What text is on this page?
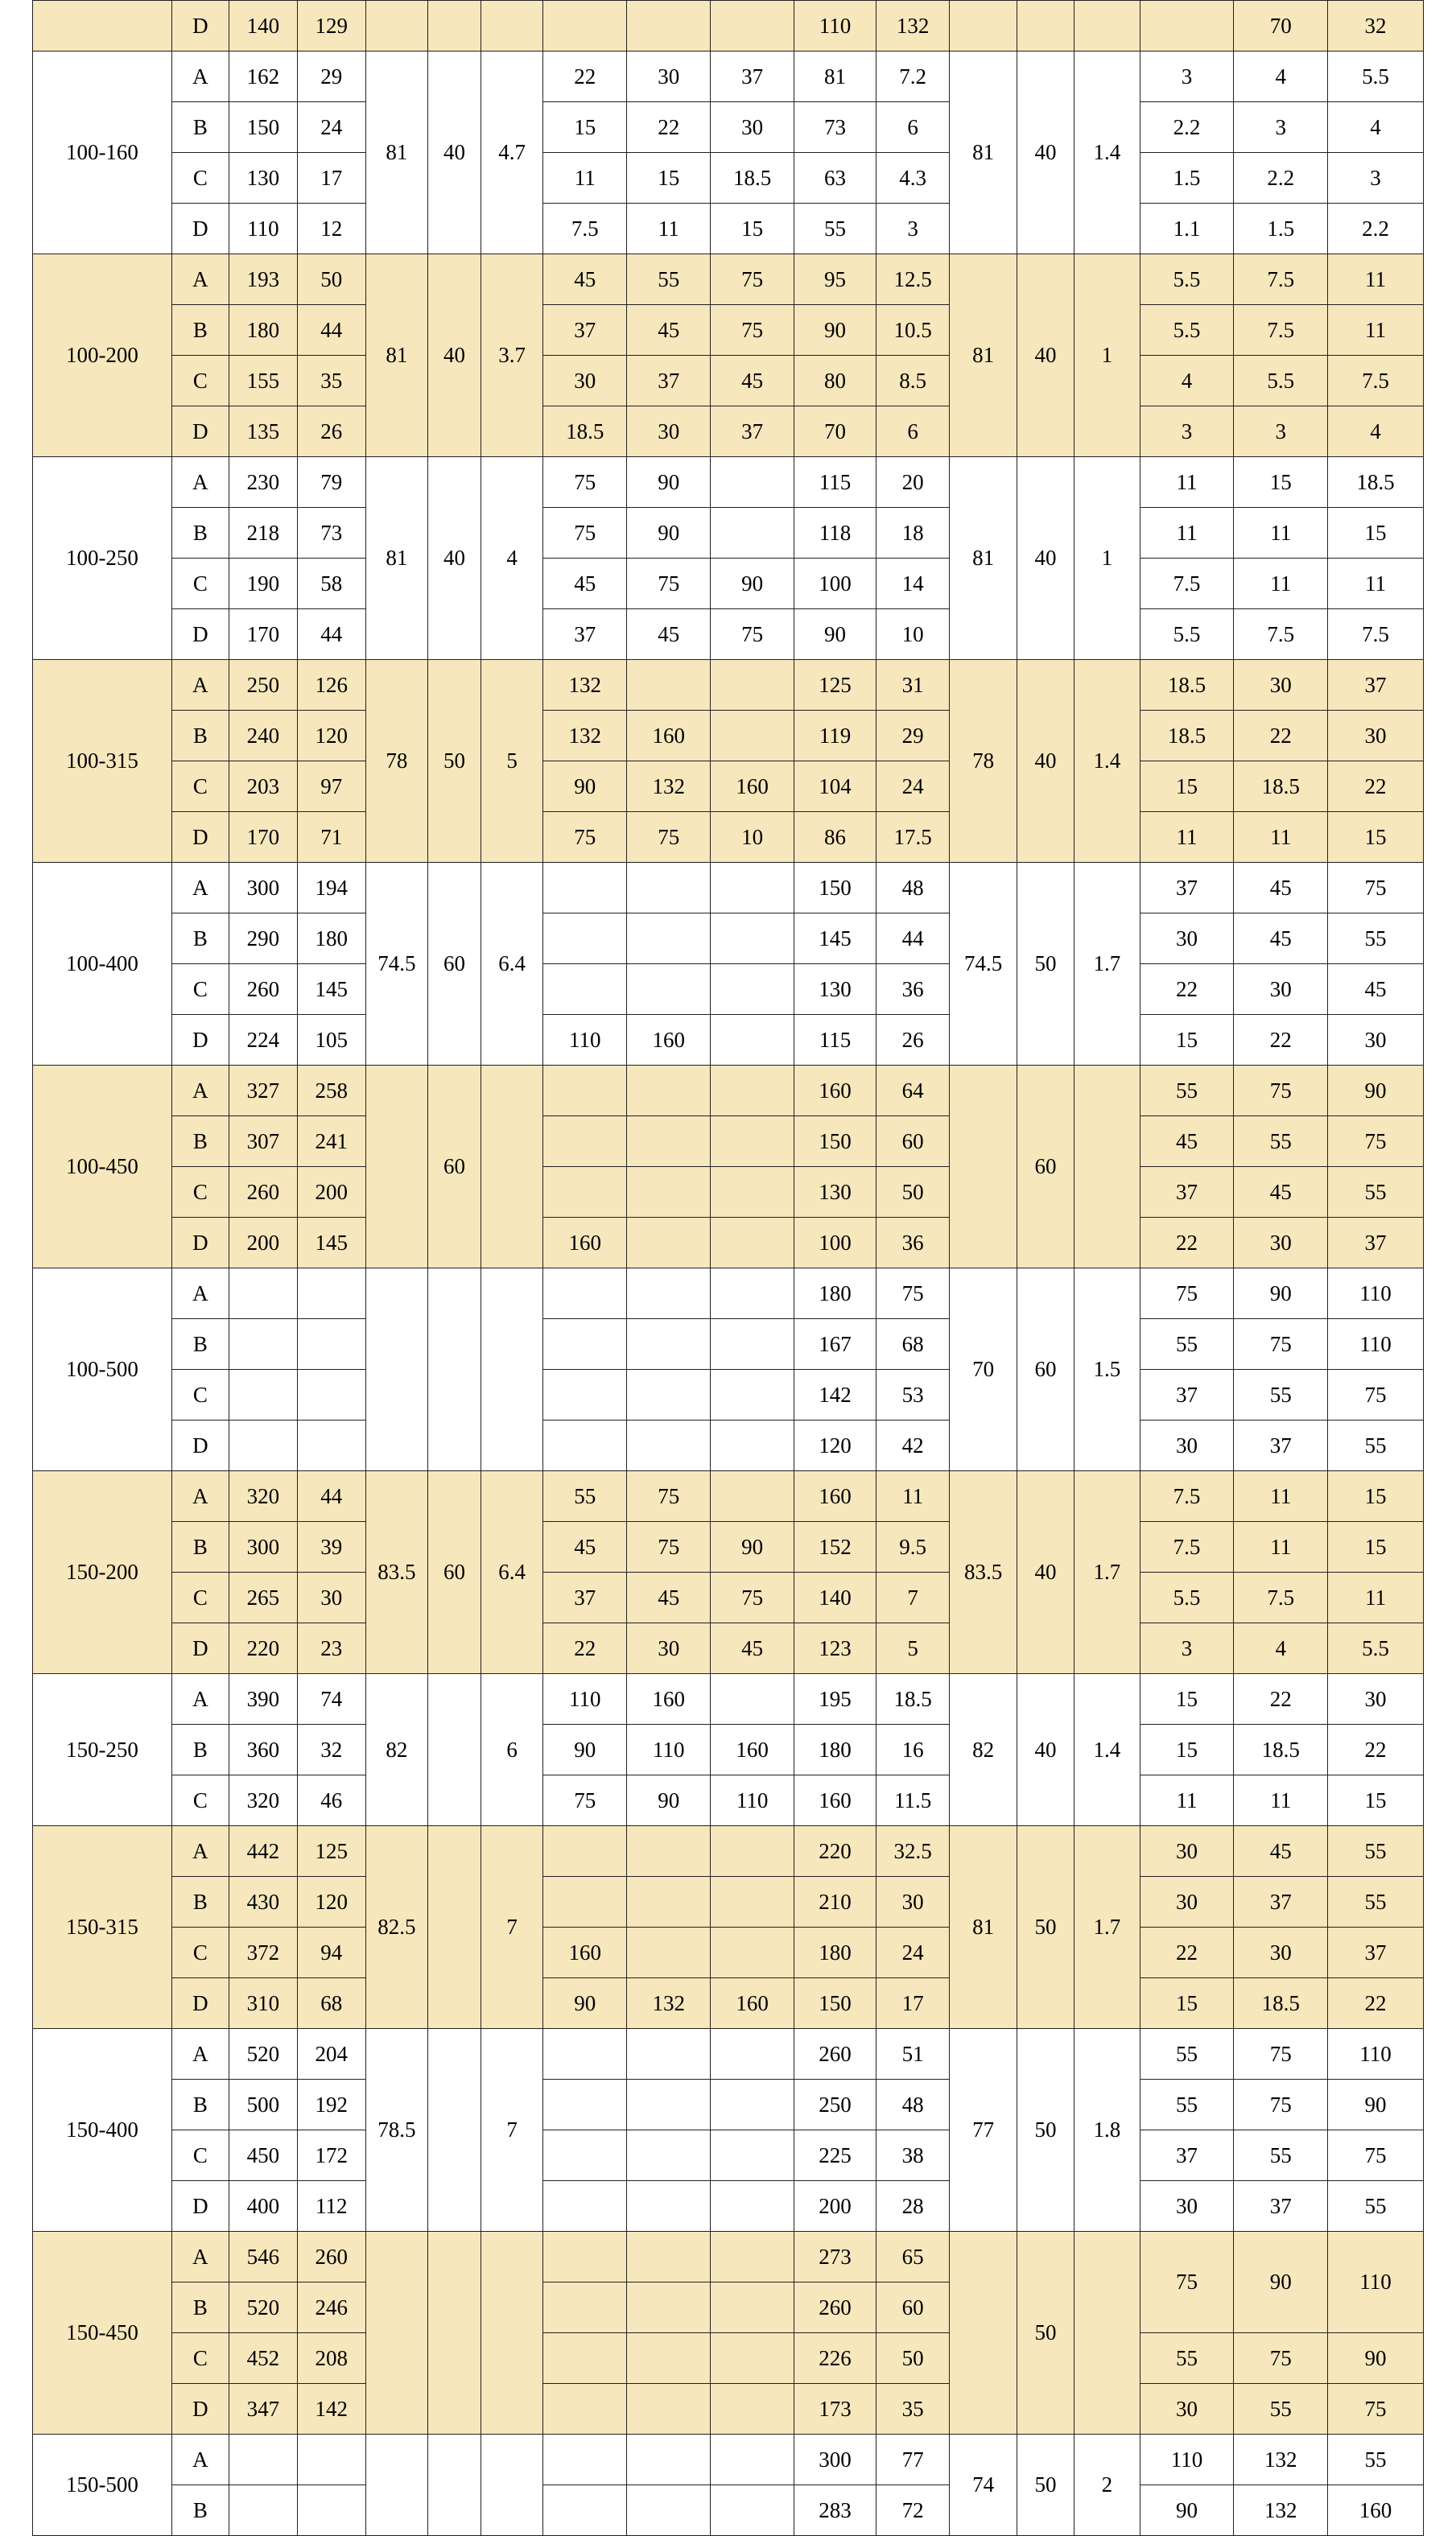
	D	140	129							110	132					70	32
100-160	A	162	29	81	40	4.7	22	30	37	81	7.2	81	40	1.4	3	4	5.5
	B	150	24				15	22	30	73	6				2.2	3	4
	C	130	17				11	15	18.5	63	4.3				1.5	2.2	3
	D	110	12				7.5	11	15	55	3				1.1	1.5	2.2
100-200	A	193	50	81	40	3.7	45	55	75	95	12.5	81	40	1	5.5	7.5	11
	B	180	44				37	45	75	90	10.5				5.5	7.5	11
	C	155	35				30	37	45	80	8.5				4	5.5	7.5
	D	135	26				18.5	30	37	70	6				3	3	4
100-250	A	230	79	81	40	4	75	90		115	20	81	40	1	11	15	18.5
	B	218	73				75	90		118	18				11	11	15
	C	190	58				45	75	90	100	14				7.5	11	11
	D	170	44				37	45	75	90	10				5.5	7.5	7.5
100-315	A	250	126	78	50	5	132			125	31	78	40	1.4	18.5	30	37
	B	240	120				132	160		119	29				18.5	22	30
	C	203	97				90	132	160	104	24				15	18.5	22
	D	170	71				75	75	10	86	17.5				11	11	15
100-400	A	300	194	74.5	60	6.4				150	48	74.5	50	1.7	37	45	75
	B	290	180							145	44				30	45	55
	C	260	145							130	36				22	30	45
	D	224	105				110	160		115	26				15	22	30
100-450	A	327	258		60					160	64		60		55	75	90
	B	307	241							150	60				45	55	75
	C	260	200							130	50				37	45	55
	D	200	145				160			100	36				22	30	37
100-500	A									180	75	70	60	1.5	75	90	110
	B									167	68				55	75	110
	C									142	53				37	55	75
	D									120	42				30	37	55
150-200	A	320	44	83.5	60	6.4	55	75		160	11	83.5	40	1.7	7.5	11	15
	B	300	39				45	75	90	152	9.5				7.5	11	15
	C	265	30				37	45	75	140	7				5.5	7.5	11
	D	220	23				22	30	45	123	5				3	4	5.5
150-250	A	390	74	82		6	110	160		195	18.5	82	40	1.4	15	22	30
	B	360	32				90	110	160	180	16				15	18.5	22
	C	320	46				75	90	110	160	11.5				11	11	15
150-315	A	442	125	82.5		7				220	32.5	81	50	1.7	30	45	55
	B	430	120							210	30				30	37	55
	C	372	94				160			180	24				22	30	37
	D	310	68				90	132	160	150	17				15	18.5	22
150-400	A	520	204	78.5		7				260	51	77	50	1.8	55	75	110
	B	500	192							250	48				55	75	90
	C	450	172							225	38				37	55	75
	D	400	112							200	28				30	37	55
150-450	A	546	260							273	65		50		75	90	110
	B	520	246							260	60						
	C	452	208							226	50				55	75	90
	D	347	142							173	35				30	55	75
150-500	A									300	77	74	50	2	110	132	55
	B									283	72				90	132	160
